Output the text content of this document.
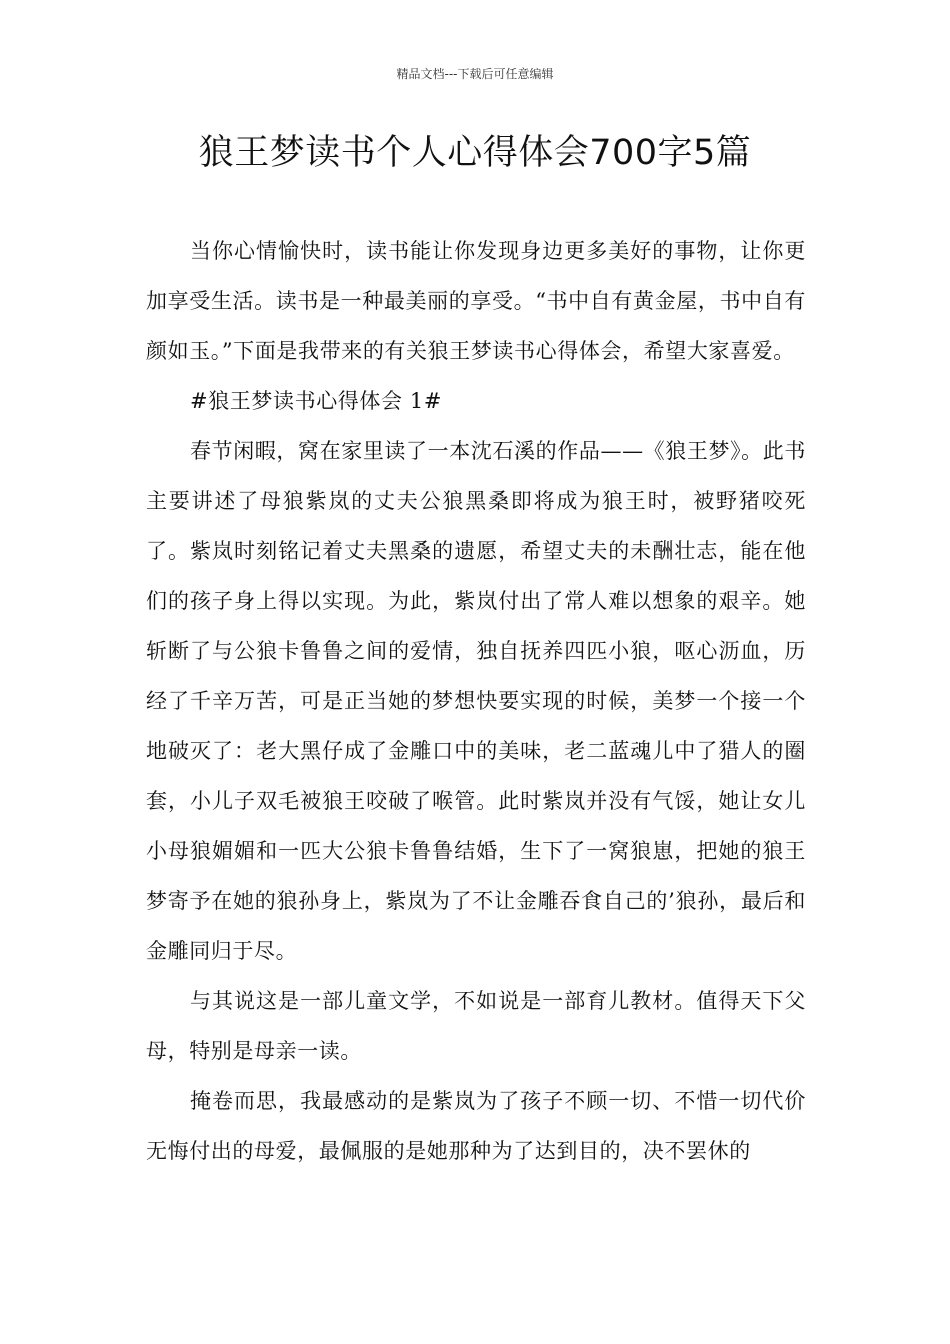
精品文档---下载后可任意编辑
狼王梦读书个人心得体会700字5篇

当你心情愉快时，读书能让你发现身边更多美好的事物，让你更加享受生活。读书是一种最美丽的享受。“书中自有黄金屋，书中自有颜如玉。”下面是我带来的有关狼王梦读书心得体会，希望大家喜爱。

#狼王梦读书心得体会 1#

春节闲暇，窝在家里读了一本沈石溪的作品——《狼王梦》。此书主要讲述了母狼紫岚的丈夫公狼黑桑即将成为狼王时，被野猪咬死了。紫岚时刻铭记着丈夫黑桑的遗愿，希望丈夫的未酬壮志，能在他们的孩子身上得以实现。为此，紫岚付出了常人难以想象的艰辛。她斩断了与公狼卡鲁鲁之间的爱情，独自抚养四匹小狼，呕心沥血，历经了千辛万苦，可是正当她的梦想快要实现的时候，美梦一个接一个地破灭了：老大黑仔成了金雕口中的美味，老二蓝魂儿中了猎人的圈套，小儿子双毛被狼王咬破了喉管。此时紫岚并没有气馁，她让女儿小母狼媚媚和一匹大公狼卡鲁鲁结婚，生下了一窝狼崽，把她的狼王梦寄予在她的狼孙身上，紫岚为了不让金雕吞食自己的’狼孙，最后和金雕同归于尽。

与其说这是一部儿童文学，不如说是一部育儿教材。值得天下父母，特别是母亲一读。

掩卷而思，我最感动的是紫岚为了孩子不顾一切、不惜一切代价无悔付出的母爱，最佩服的是她那种为了达到目的，决不罢休的
